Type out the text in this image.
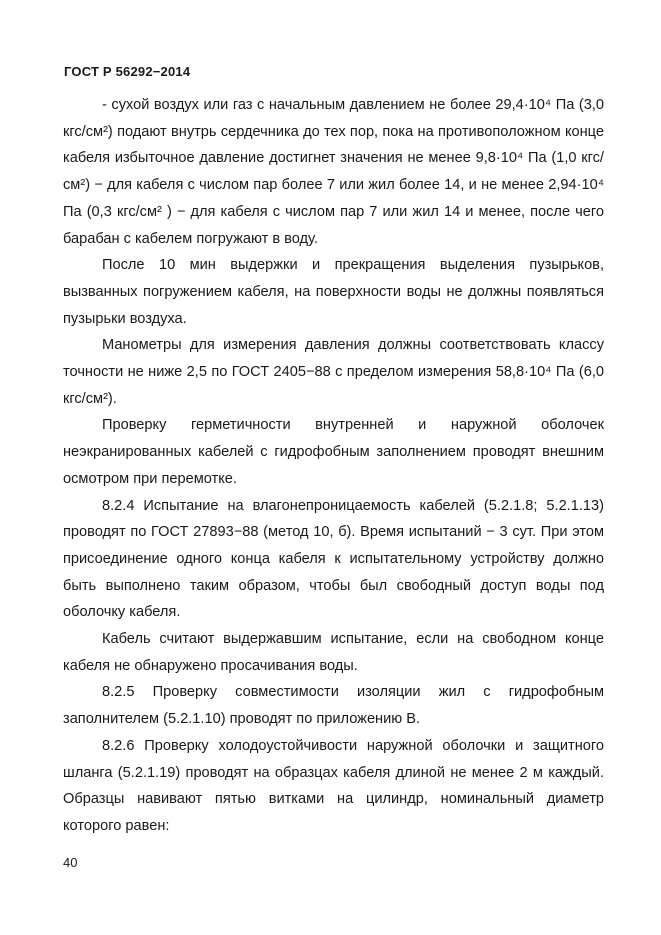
ГОСТ Р 56292−2014

- сухой воздух или газ с начальным давлением не более 29,4·10⁴ Па (3,0 кгс/см²) подают внутрь сердечника до тех пор, пока на противоположном конце кабеля избыточное давление достигнет значения не менее 9,8·10⁴ Па (1,0 кгс/см²) − для кабеля с числом пар более 7 или жил более 14, и не менее 2,94·10⁴ Па (0,3 кгс/см² ) − для кабеля с числом пар 7 или жил 14 и менее, после чего барабан с кабелем погружают в воду.

После 10 мин выдержки и прекращения выделения пузырьков, вызванных погружением кабеля, на поверхности воды не должны появляться пузырьки воздуха.

Манометры для измерения давления должны соответствовать классу точности не ниже 2,5 по ГОСТ 2405−88 с пределом измерения 58,8·10⁴ Па (6,0 кгс/см²).

Проверку герметичности внутренней и наружной оболочек неэкранированных кабелей с гидрофобным заполнением проводят внешним осмотром при перемотке.

8.2.4 Испытание на влагонепроницаемость кабелей (5.2.1.8; 5.2.1.13) проводят по ГОСТ 27893−88 (метод 10, б). Время испытаний − 3 сут. При этом присоединение одного конца кабеля к испытательному устройству должно быть выполнено таким образом, чтобы был свободный доступ воды под оболочку кабеля.

Кабель считают выдержавшим испытание, если на свободном конце кабеля не обнаружено просачивания воды.

8.2.5 Проверку совместимости изоляции жил с гидрофобным заполнителем (5.2.1.10) проводят по приложению В.

8.2.6 Проверку холодоустойчивости наружной оболочки и защитного шланга (5.2.1.19) проводят на образцах кабеля длиной не менее 2 м каждый. Образцы навивают пятью витками на цилиндр, номинальный диаметр которого равен:

40
